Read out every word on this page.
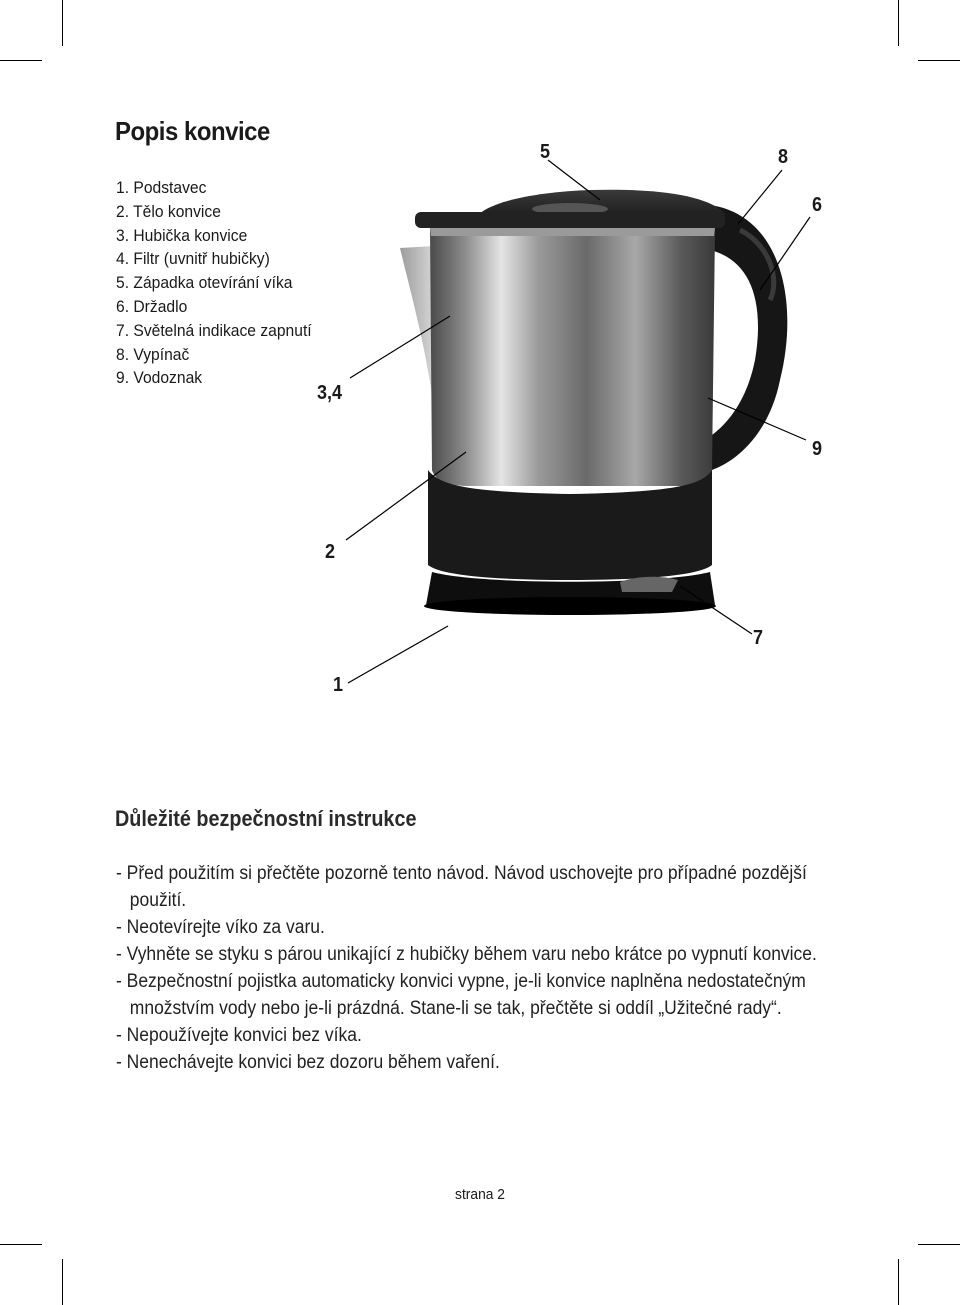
Popis konvice
1. Podstavec
2. Tělo konvice
3. Hubička konvice
4. Filtr (uvnitř hubičky)
5. Západka otevírání víka
6. Držadlo
7. Světelná indikace zapnutí
8. Vypínač
9. Vodoznak
5	8
6
3,4
9
2
7
1
Důležité bezpečnostní instrukce
- Před použitím si přečtěte pozorně tento návod. Návod uschovejte pro případné pozdější použití.
- Neotevírejte víko za varu.
- Vyhněte se styku s párou unikající z hubičky během varu nebo krátce po vypnutí konvice.
- Bezpečnostní pojistka automaticky konvici vypne, je-li konvice naplněna nedostatečným množstvím vody nebo je-li prázdná. Stane-li se tak, přečtěte si oddíl „Užitečné rady“.
- Nepoužívejte konvici bez víka.
- Nenechávejte konvici bez dozoru během vaření.
strana 2
